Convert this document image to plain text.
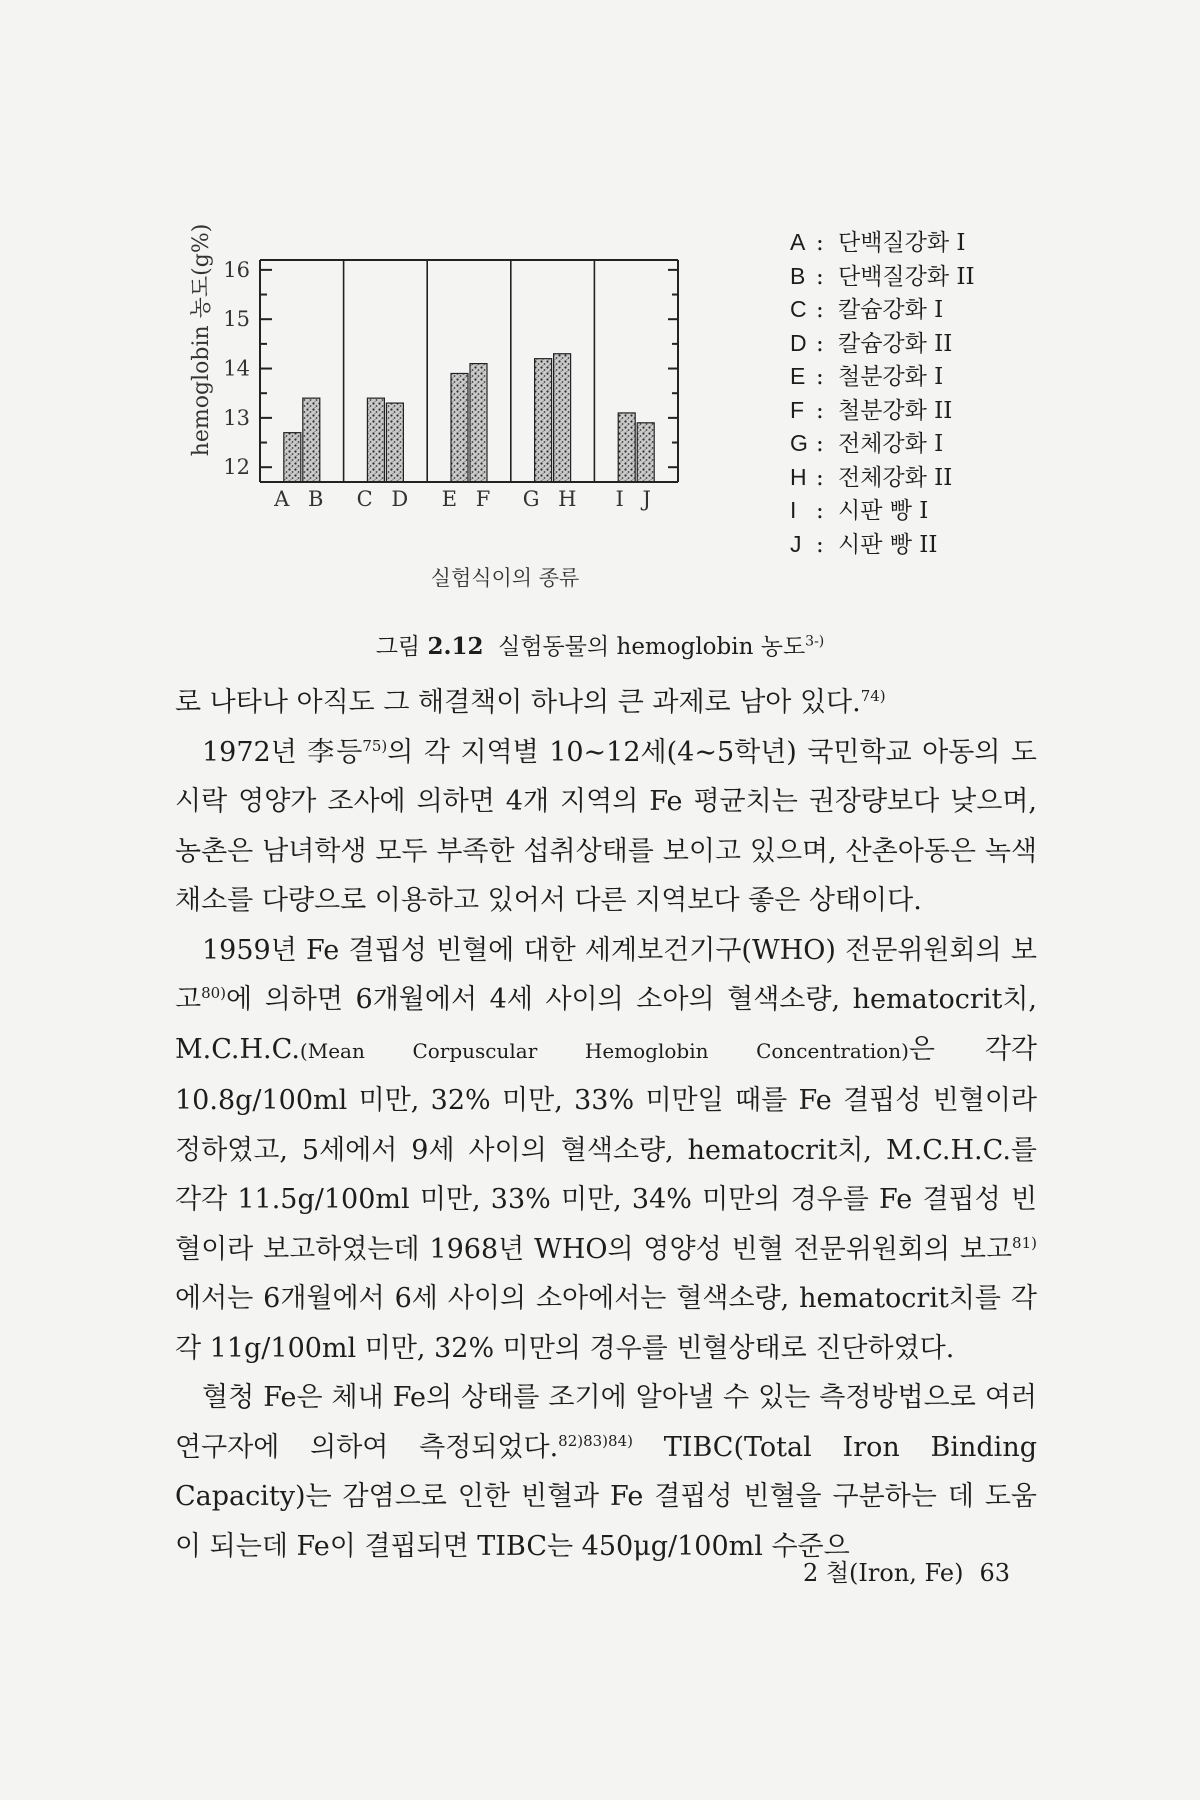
hemoglobin 농도(g%)
12
13
14
15
16
A B C D E F G H I J
실험식이의 종류
A : 단백질강화 I
B : 단백질강화 II
C : 칼슘강화 I
D : 칼슘강화 II
E : 철분강화 I
F : 철분강화 II
G : 전체강화 I
H : 전체강화 II
I : 시판 빵 I
J : 시판 빵 II
그림 2.12 실험동물의 hemoglobin 농도$^{3-)}$

로 나타나 아직도 그 해결책이 하나의 큰 과제로 남아 있다.$^{74)}$

1972년 李등$^{75)}$의 각 지역별 10∼12세(4∼5학년) 국민학교 아동의 도시락 영양가 조사에 의하면 4개 지역의 Fe 평균치는 권장량보다 낮으며, 농촌은 남녀학생 모두 부족한 섭취상태를 보이고 있으며, 산촌아동은 녹색채소를 다량으로 이용하고 있어서 다른 지역보다 좋은 상태이다.

1959년 Fe 결핍성 빈혈에 대한 세계보건기구(WHO) 전문위원회의 보고$^{80)}$에 의하면 6개월에서 4세 사이의 소아의 혈색소량, hematocrit치, M.C.H.C.(Mean Corpuscular Hemoglobin Concentration)은 각각 10.8g/100ml 미만, 32% 미만, 33% 미만일 때를 Fe 결핍성 빈혈이라 정하였고, 5세에서 9세 사이의 혈색소량, hematocrit치, M.C.H.C.를 각각 11.5g/100ml 미만, 33% 미만, 34% 미만의 경우를 Fe 결핍성 빈혈이라 보고하였는데 1968년 WHO의 영양성 빈혈 전문위원회의 보고$^{81)}$에서는 6개월에서 6세 사이의 소아에서는 혈색소량, hematocrit치를 각각 11g/100ml 미만, 32% 미만의 경우를 빈혈상태로 진단하였다.

혈청 Fe은 체내 Fe의 상태를 조기에 알아낼 수 있는 측정방법으로 여러 연구자에 의하여 측정되었다.$^{82)83)84)}$ TIBC(Total Iron Binding Capacity)는 감염으로 인한 빈혈과 Fe 결핍성 빈혈을 구분하는 데 도움이 되는데 Fe이 결핍되면 TIBC는 450μg/100ml 수준으

2 철(Iron, Fe) 63
